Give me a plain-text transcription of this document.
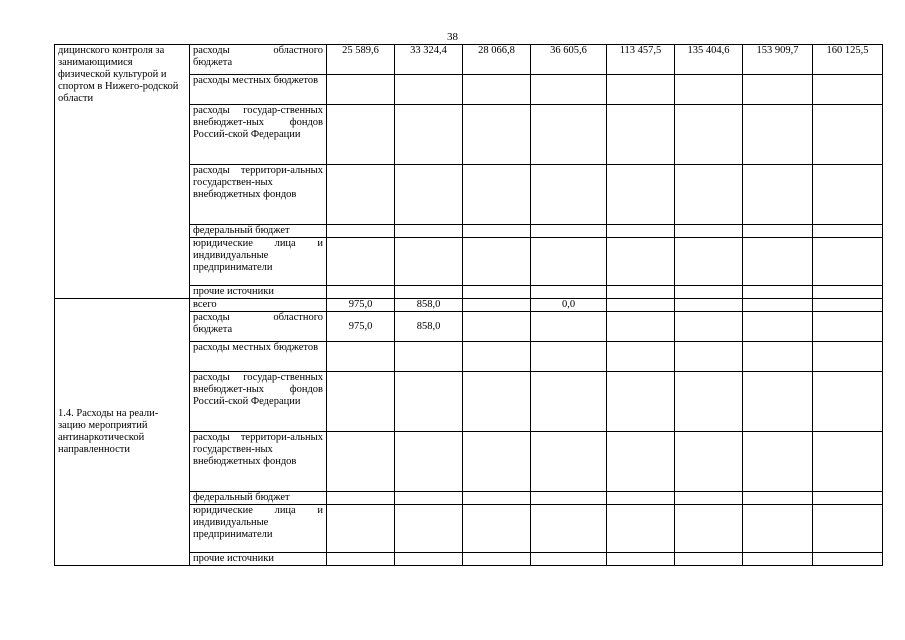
38
дицинского контроля за занимающимися физической культурой и спортом в Нижего-родской области	расходы областного бюджета	25 589,6	33 324,4	28 066,8	36 605,6	113 457,5	135 404,6	153 909,7	160 125,5
	расходы местных бюджетов								
	расходы государ-ственных внебюджет-ных фондов Россий-ской Федерации								
	расходы территори-альных государствен-ных внебюджетных фондов								
	федеральный бюджет								
	юридические лица и индивидуальные предприниматели								
	прочие источники								
1.4. Расходы на реали-зацию мероприятий антинаркотической направленности	всего	975,0	858,0		0,0				
	расходы областного бюджета	975,0	858,0						
	расходы местных бюджетов								
	расходы государ-ственных внебюджет-ных фондов Россий-ской Федерации								
	расходы территори-альных государствен-ных внебюджетных фондов								
	федеральный бюджет								
	юридические лица и индивидуальные предприниматели								
	прочие источники								
